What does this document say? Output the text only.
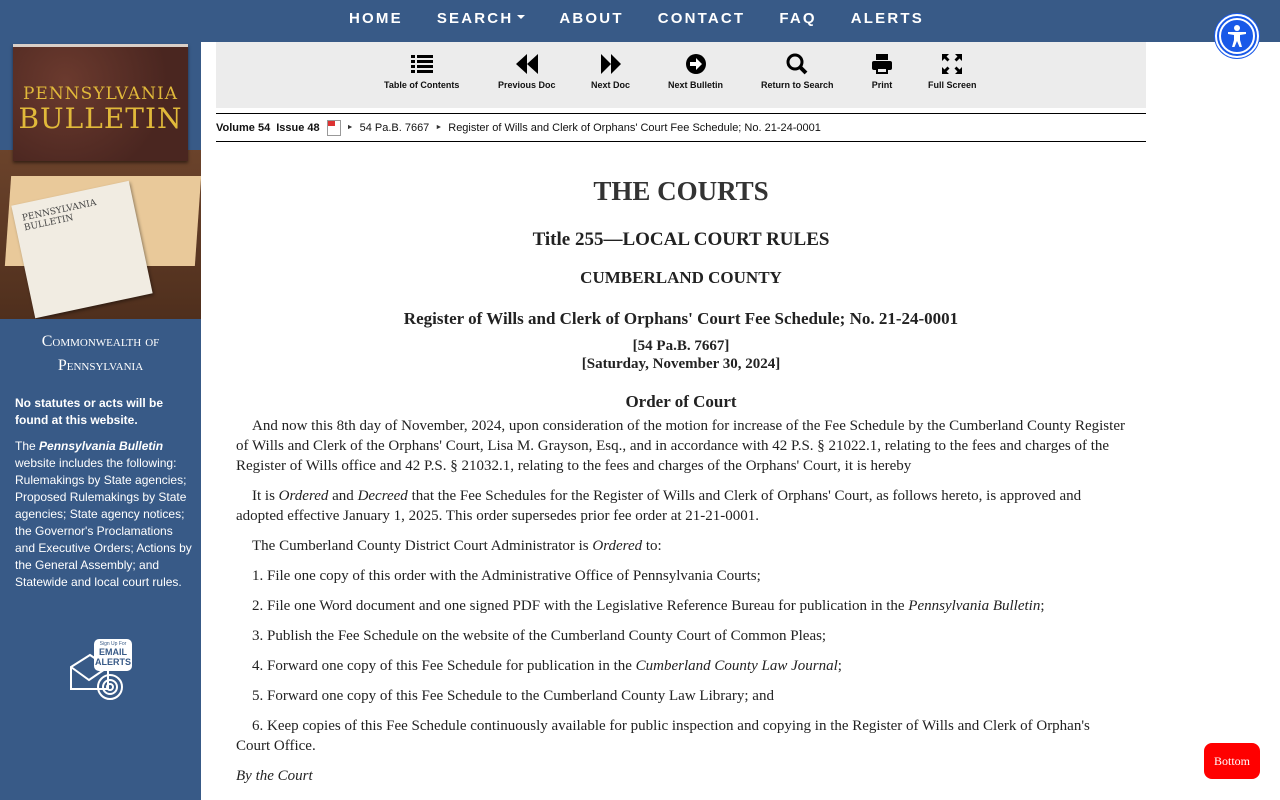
HOME SEARCH	ABOUT CONTACT FAQ ALERTS
PENNSYLVANIA BULLETIN
PENNSYLVANIA
BULLETIN
Commonwealth of
Pennsylvania
No statutes or acts will be found at this website.
The Pennsylvania Bulletin website includes the following: Rulemakings by State agencies; Proposed Rulemakings by State agencies; State agency notices; the Governor's Proclamations and Executive Orders; Actions by the General Assembly; and Statewide and local court rules.
Sign Up For
EMAIL
ALERTS
Table of Contents	Previous Doc	Next Doc	Next Bulletin	Return to Search	Print	Full Screen
Volume 54 Issue 48	► 54 Pa.B. 7667 ► Register of Wills and Clerk of Orphans' Court Fee Schedule; No. 21-24-0001
THE COURTS
Title 255—LOCAL COURT RULES
CUMBERLAND COUNTY
Register of Wills and Clerk of Orphans' Court Fee Schedule; No. 21-24-0001
[54 Pa.B. 7667]
[Saturday, November 30, 2024]
Order of Court

And now this 8th day of November, 2024, upon consideration of the motion for increase of the Fee Schedule by the Cumberland County Register of Wills and Clerk of the Orphans' Court, Lisa M. Grayson, Esq., and in accordance with 42 P.S. § 21022.1, relating to the fees and charges of the Register of Wills office and 42 P.S. § 21032.1, relating to the fees and charges of the Orphans' Court, it is hereby

It is Ordered and Decreed that the Fee Schedules for the Register of Wills and Clerk of Orphans' Court, as follows hereto, is approved and adopted effective January 1, 2025. This order supersedes prior fee order at 21-21-0001.

The Cumberland County District Court Administrator is Ordered to:

1. File one copy of this order with the Administrative Office of Pennsylvania Courts;

2. File one Word document and one signed PDF with the Legislative Reference Bureau for publication in the Pennsylvania Bulletin;

3. Publish the Fee Schedule on the website of the Cumberland County Court of Common Pleas;

4. Forward one copy of this Fee Schedule for publication in the Cumberland County Law Journal;

5. Forward one copy of this Fee Schedule to the Cumberland County Law Library; and

6. Keep copies of this Fee Schedule continuously available for public inspection and copying in the Register of Wills and Clerk of Orphan's Court Office.

By the Court

Bottom
